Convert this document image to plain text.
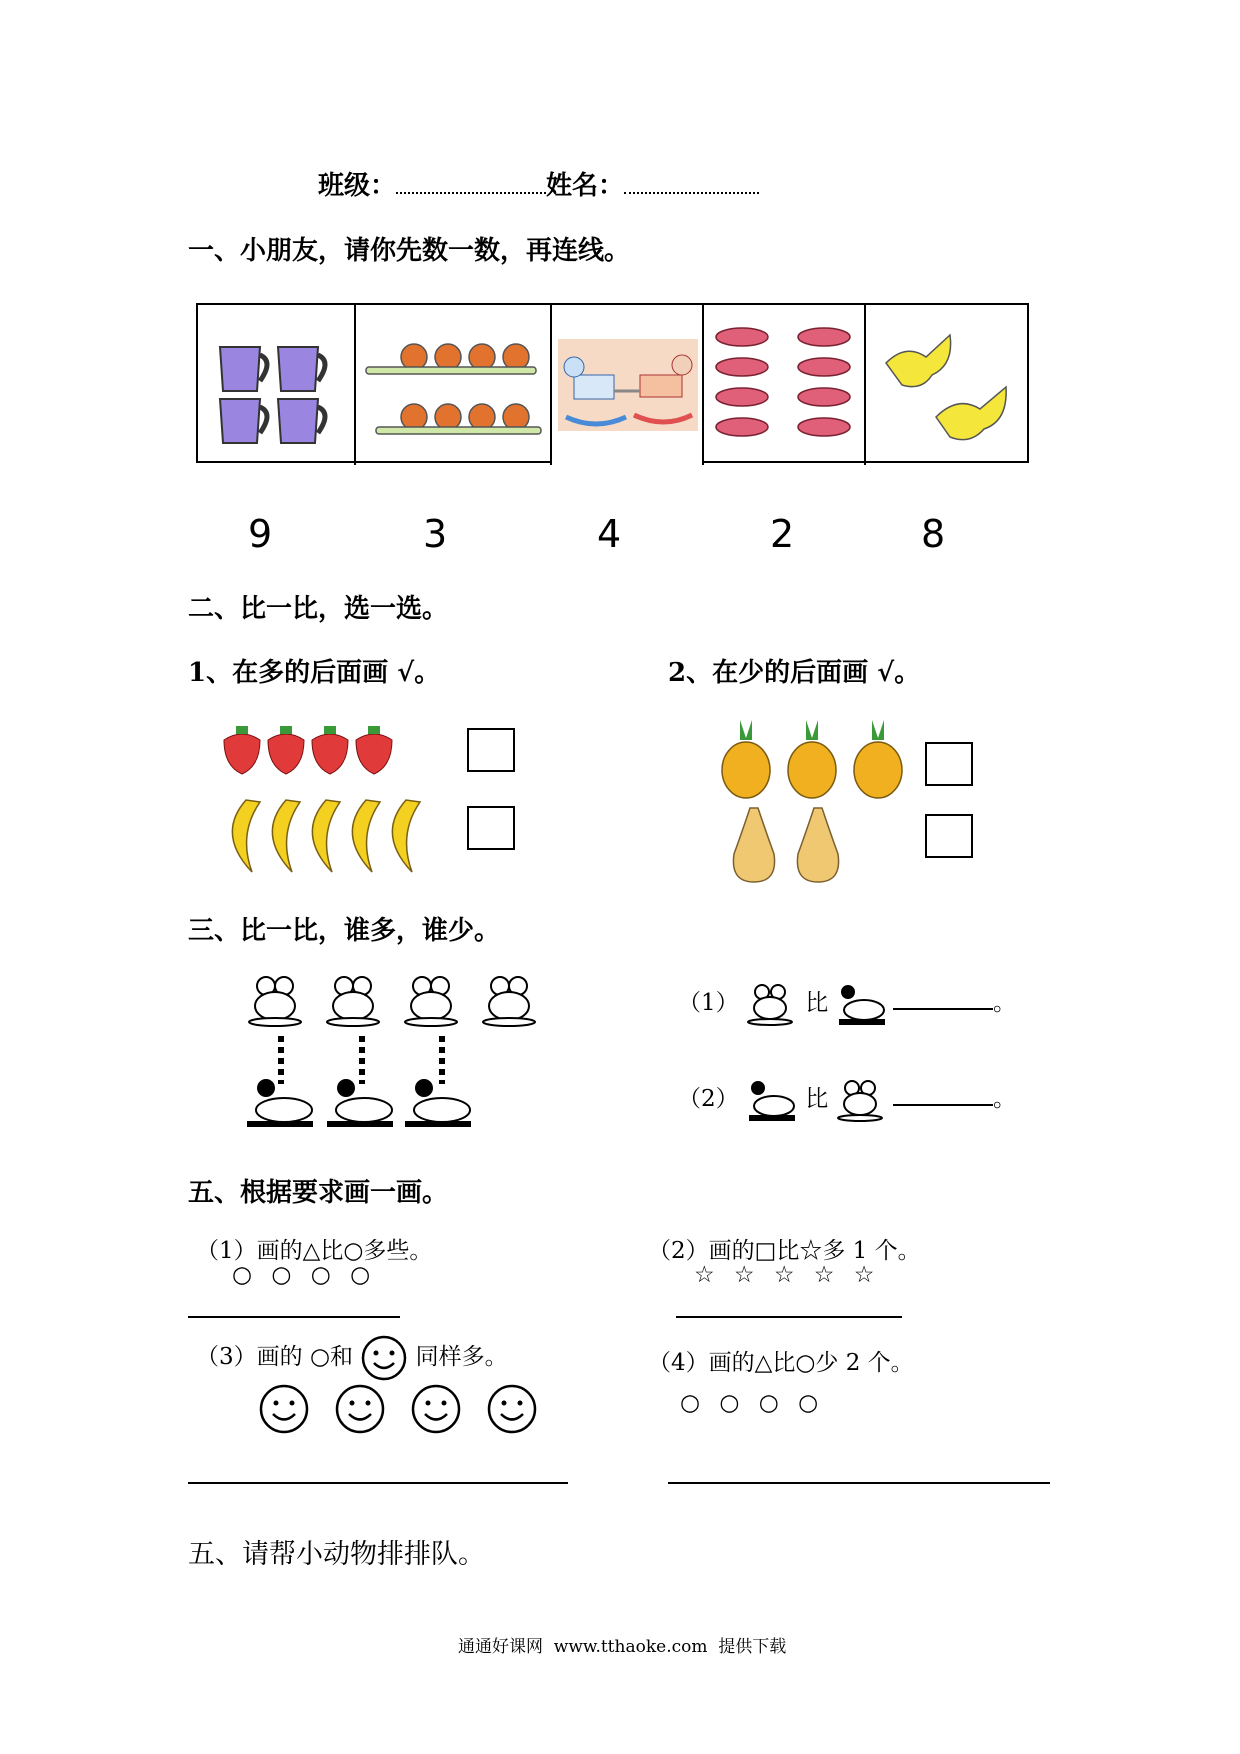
班级：	姓名：
一、小朋友，请你先数一数，再连线。
9	3	4	2	8
二、比一比，选一选。
1、在多的后面画 √。	2、在少的后面画 √。
三、比一比，谁多，谁少。
（1）	比	。
（2）	比	。
五、根据要求画一画。
（1）画的△比○多些。
○ ○ ○ ○
（2）画的□比☆多 1 个。
☆ ☆ ☆ ☆ ☆
（3）画的 ○和	同样多。	（4）画的△比○少 2 个。
○ ○ ○ ○
五、请帮小动物排排队。
通通好课网  www.tthaoke.com  提供下载
